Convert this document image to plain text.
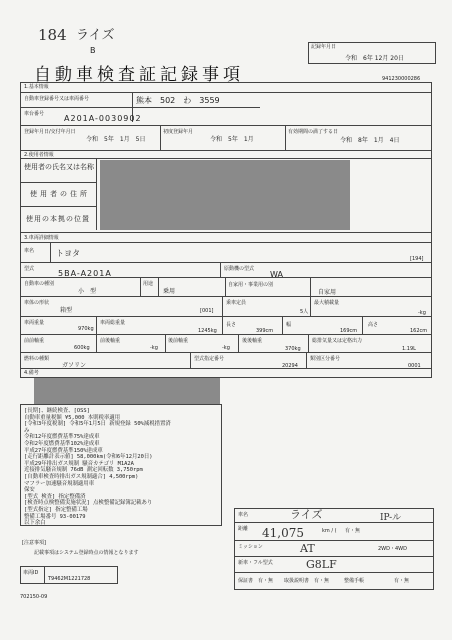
184 ライズ
B
自動車検査証記録事項
記録年月日
令和　6年 12月 20日
941230000286
1.基本情報
自動車登録番号又は車両番号	熊本　502　わ　3559
車台番号 A201A-0030902
登録年月日/交付年月日
令和　5年　1月　5日
初度登録年月
令和　5年　1月
有効期間の満了する日
令和　8年　1月　4日
2.使用者情報
使用者の氏名又は名称
使用者の住所
使用の本拠の位置
3.車両詳細情報
車名	トヨタ
[194]
型式	5BA-A201A	原動機の型式
WA
自動車の種別
小　型
用途
乗用
自家用・事業用の別
自家用
車体の形状
箱型	[001]
乗車定員
5人
最大積載量
-kg
車両重量
970kg
車両総重量
1245kg
長さ
399cm
幅
169cm
高さ
162cm
前前軸重
600kg
前後軸重
-kg
後前軸重
-kg
後後軸重
370kg
総排気量又は定格出力
1.19L
燃料の種類
ガソリン
型式指定番号
20294
類別区分番号
0001
4.備考
[長期]、継続検査、[OSS]
自動車重量税額 ¥5,000 本則税率適用
[令和3年度税制] 令和5年1月5日 新規登録 50%減税措置済
み
令和12年度燃費基準75%達成車
令和2年度燃費基準102%達成車
平成27年度燃費基準150%達成車
[走行距離計表示値] 58,000km(令和6年12月20日)
平成29年排出ガス規制 騒音カテゴリ M1A2A
近接排気騒音規制 76dB 測定回転数 3,750rpm
[自動車検査時排出ガス規制適合] 4,500rpm)
マフラー加速騒音規制適用車
保安
[型式 検査] 指定整備済
[検査時点検整備実施状況] 点検整備記録簿記載あり
[型式指定] 指定整備工場
整備工場番号 93-00179
以下余白
車名	ライズ	IP-ル
距離 41,075	km / ( 有・無
ミッション	AT	2WD・4WD
新車・フル型式	G8LF
保証書 有・無 取扱説明書 有・無	整備手帳	有・無
[注意事項]
記載事項はシステム登録時点の情報となります
車両ID
T9462M1221728
702150-09
